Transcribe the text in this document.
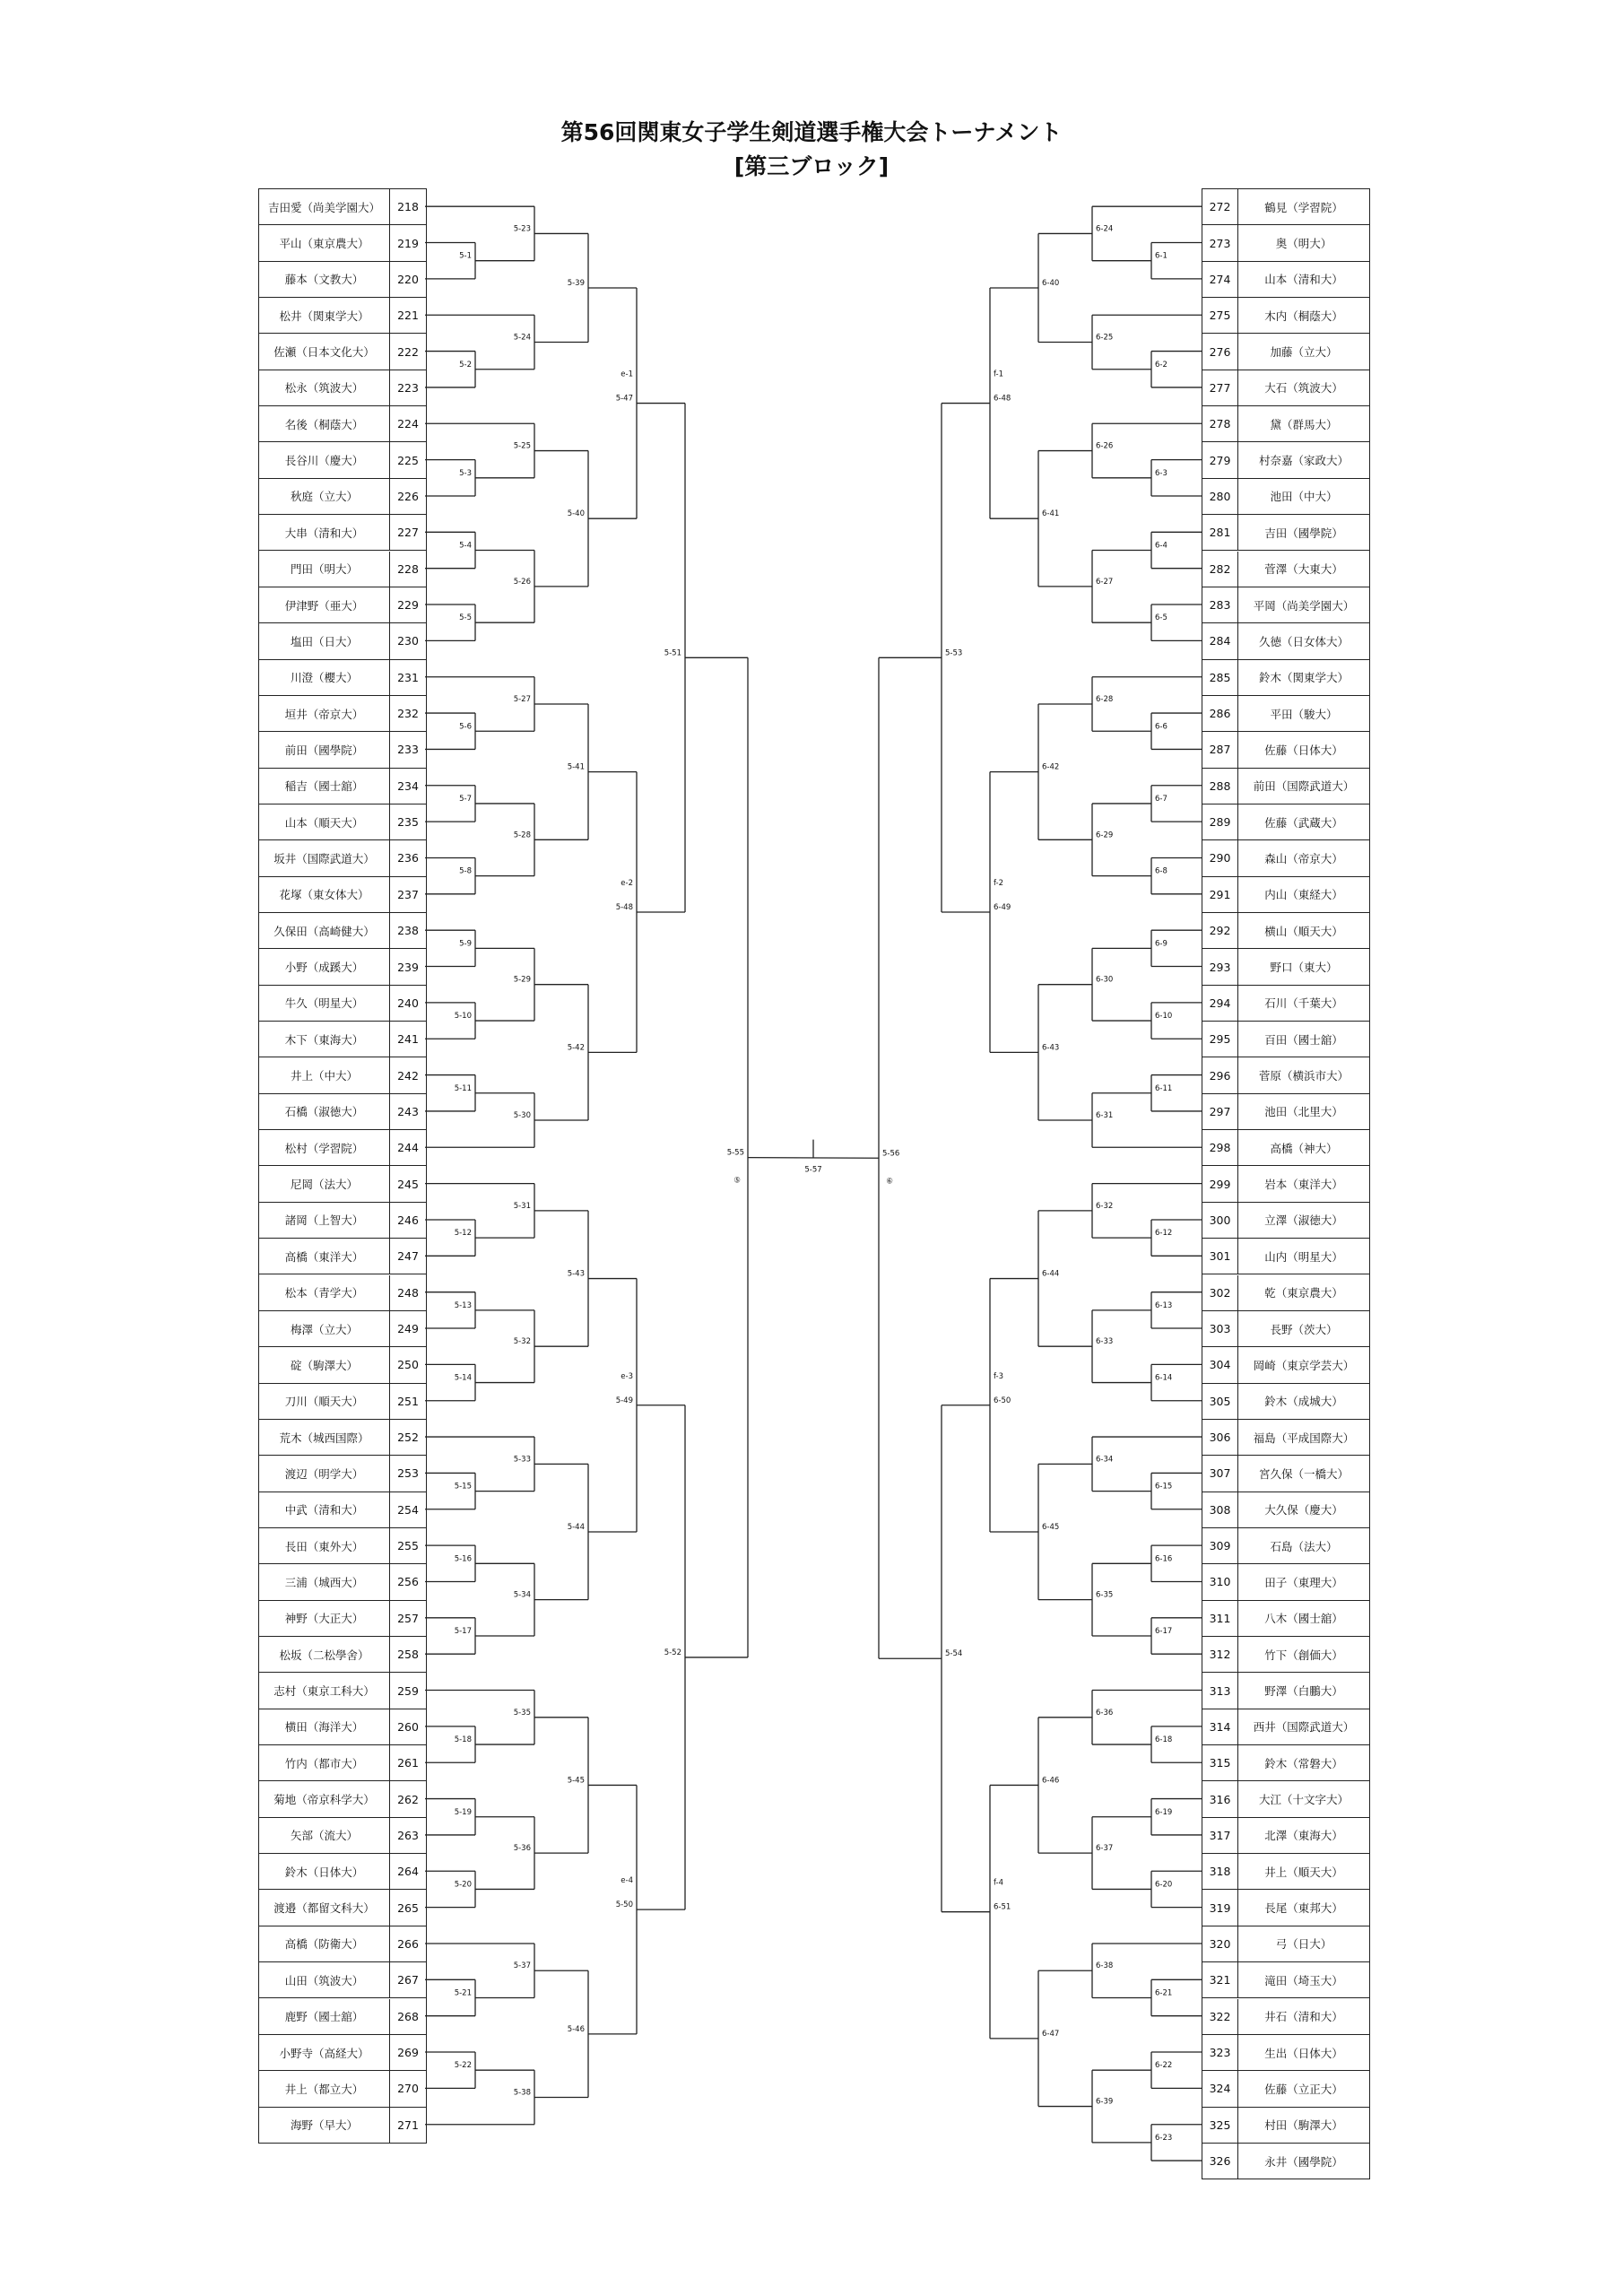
第56回関東女子学生剣道選手権大会トーナメント
[第三ブロック]
吉田愛（尚美学園大）	218
平山（東京農大）	219
藤本（文教大）	220
松井（関東学大）	221
佐瀬（日本文化大）	222
松永（筑波大）	223
名後（桐蔭大）	224
長谷川（慶大）	225
秋庭（立大）	226
大串（清和大）	227
門田（明大）	228
伊津野（亜大）	229
塩田（日大）	230
川澄（櫻大）	231
垣井（帝京大）	232
前田（國學院）	233
稲吉（國士舘）	234
山本（順天大）	235
坂井（国際武道大）	236
花塚（東女体大）	237
久保田（高崎健大）	238
小野（成蹊大）	239
牛久（明星大）	240
木下（東海大）	241
井上（中大）	242
石橋（淑徳大）	243
松村（学習院）	244
尼岡（法大）	245
諸岡（上智大）	246
高橋（東洋大）	247
松本（青学大）	248
梅澤（立大）	249
碇（駒澤大）	250
刀川（順天大）	251
荒木（城西国際）	252
渡辺（明学大）	253
中武（清和大）	254
長田（東外大）	255
三浦（城西大）	256
神野（大正大）	257
松坂（二松學舍）	258
志村（東京工科大）	259
横田（海洋大）	260
竹内（都市大）	261
菊地（帝京科学大）	262
矢部（流大）	263
鈴木（日体大）	264
渡邉（都留文科大）	265
高橋（防衛大）	266
山田（筑波大）	267
鹿野（國士舘）	268
小野寺（高経大）	269
井上（都立大）	270
海野（早大）	271
272	鶴見（学習院）
273	奥（明大）
274	山本（清和大）
275	木内（桐蔭大）
276	加藤（立大）
277	大石（筑波大）
278	黛（群馬大）
279	村奈嘉（家政大）
280	池田（中大）
281	吉田（國學院）
282	菅澤（大東大）
283	平岡（尚美学園大）
284	久徳（日女体大）
285	鈴木（関東学大）
286	平田（駿大）
287	佐藤（日体大）
288	前田（国際武道大）
289	佐藤（武蔵大）
290	森山（帝京大）
291	内山（東経大）
292	横山（順天大）
293	野口（東大）
294	石川（千葉大）
295	百田（國士舘）
296	菅原（横浜市大）
297	池田（北里大）
298	高橋（神大）
299	岩本（東洋大）
300	立澤（淑徳大）
301	山内（明星大）
302	乾（東京農大）
303	長野（茨大）
304	岡崎（東京学芸大）
305	鈴木（成城大）
306	福島（平成国際大）
307	宮久保（一橋大）
308	大久保（慶大）
309	石島（法大）
310	田子（東理大）
311	八木（國士舘）
312	竹下（創価大）
313	野澤（白鵬大）
314	西井（国際武道大）
315	鈴木（常磐大）
316	大江（十文字大）
317	北澤（東海大）
318	井上（順天大）
319	長尾（東邦大）
320	弓（日大）
321	滝田（埼玉大）
322	井石（清和大）
323	生出（日体大）
324	佐藤（立正大）
325	村田（駒澤大）
326	永井（國學院）
5-1
5-2
5-3
5-4
5-5
5-6
5-7
5-8
5-9
5-10
5-11
5-12
5-13
5-14
5-15
5-16
5-17
5-18
5-19
5-20
5-21
5-22
5-23
5-24
5-25
5-26
5-27
5-28
5-29
5-30
5-31
5-32
5-33
5-34
5-35
5-36
5-37
5-38
5-39
5-40
5-41
5-42
5-43
5-44
5-45
5-46
5-47
e-1
5-48
e-2
5-49
e-3
5-50
e-4
5-51
5-52
5-55
⑤
6-1
6-2
6-3
6-4
6-5
6-6
6-7
6-8
6-9
6-10
6-11
6-12
6-13
6-14
6-15
6-16
6-17
6-18
6-19
6-20
6-21
6-22
6-23
6-24
6-25
6-26
6-27
6-28
6-29
6-30
6-31
6-32
6-33
6-34
6-35
6-36
6-37
6-38
6-39
6-40
6-41
6-42
6-43
6-44
6-45
6-46
6-47
6-48
f-1
6-49
f-2
6-50
f-3
6-51
f-4
5-53
5-54
5-56
⑥
5-57
